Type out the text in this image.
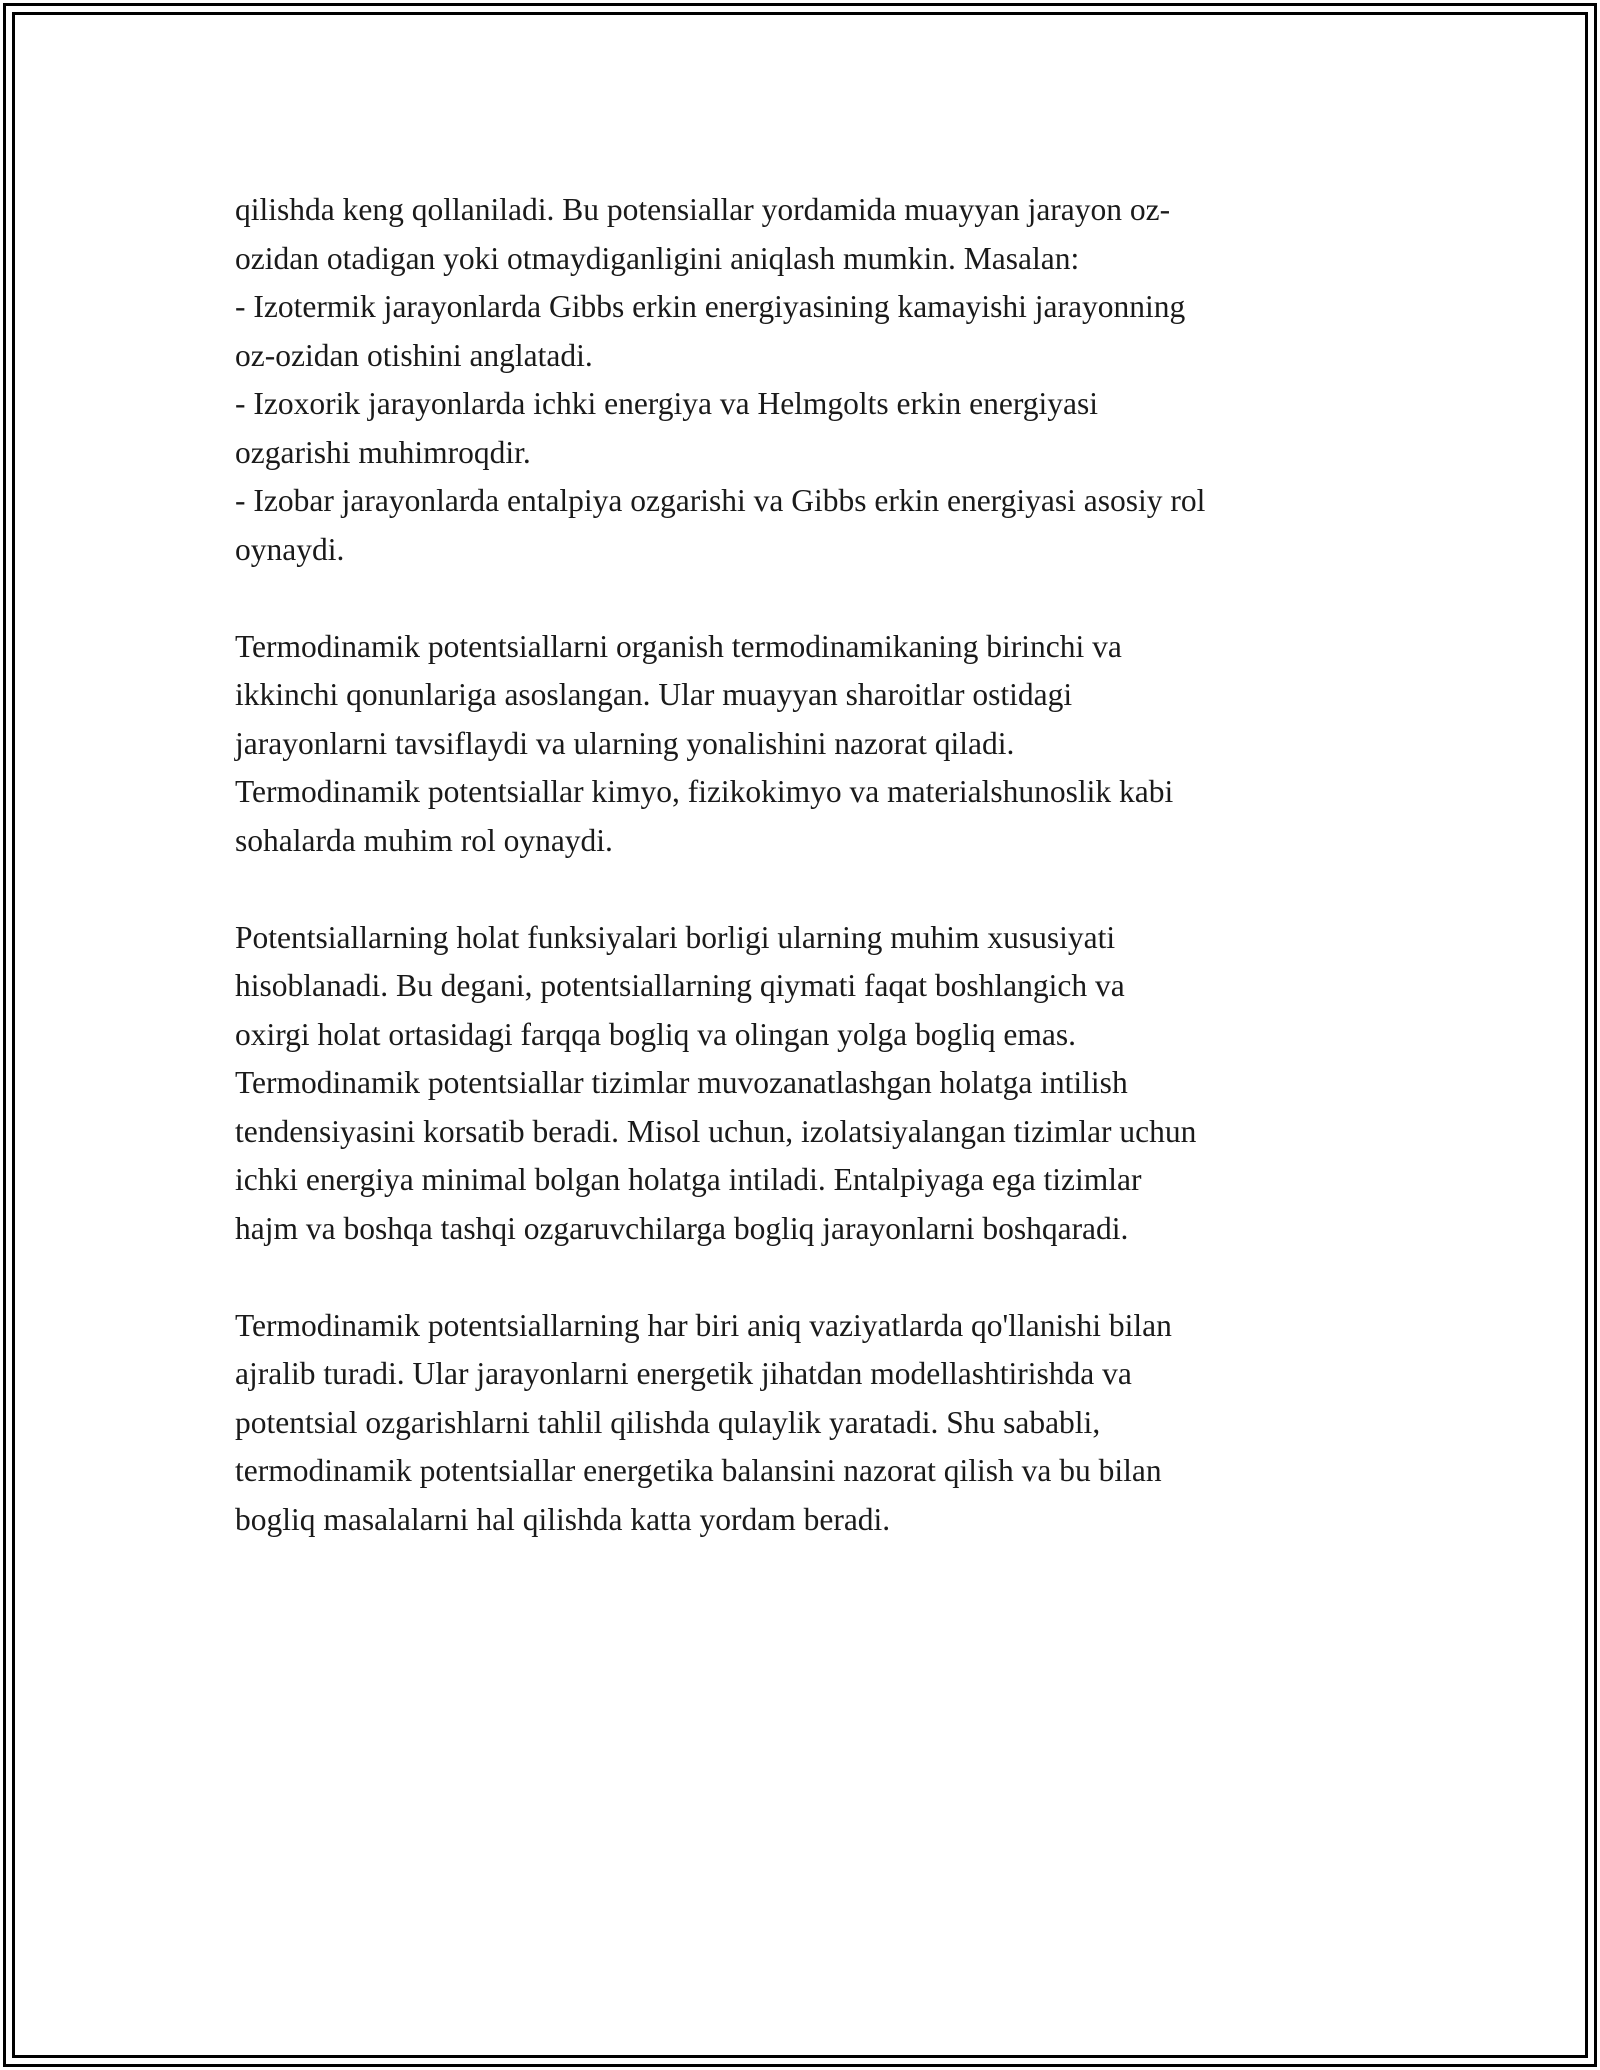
qilishda keng qollaniladi. Bu potensiallar yordamida muayyan jarayon oz-
ozidan otadigan yoki otmaydiganligini aniqlash mumkin. Masalan:
- Izotermik jarayonlarda Gibbs erkin energiyasining kamayishi jarayonning
oz-ozidan otishini anglatadi.
- Izoxorik jarayonlarda ichki energiya va Helmgolts erkin energiyasi
ozgarishi muhimroqdir.
- Izobar jarayonlarda entalpiya ozgarishi va Gibbs erkin energiyasi asosiy rol
oynaydi.

Termodinamik potentsiallarni organish termodinamikaning birinchi va
ikkinchi qonunlariga asoslangan. Ular muayyan sharoitlar ostidagi
jarayonlarni tavsiflaydi va ularning yonalishini nazorat qiladi.
Termodinamik potentsiallar kimyo, fizikokimyo va materialshunoslik kabi
sohalarda muhim rol oynaydi.

Potentsiallarning holat funksiyalari borligi ularning muhim xususiyati
hisoblanadi. Bu degani, potentsiallarning qiymati faqat boshlangich va
oxirgi holat ortasidagi farqqa bogliq va olingan yolga bogliq emas.
Termodinamik potentsiallar tizimlar muvozanatlashgan holatga intilish
tendensiyasini korsatib beradi. Misol uchun, izolatsiyalangan tizimlar uchun
ichki energiya minimal bolgan holatga intiladi. Entalpiyaga ega tizimlar
hajm va boshqa tashqi ozgaruvchilarga bogliq jarayonlarni boshqaradi.

Termodinamik potentsiallarning har biri aniq vaziyatlarda qo'llanishi bilan
ajralib turadi. Ular jarayonlarni energetik jihatdan modellashtirishda va
potentsial ozgarishlarni tahlil qilishda qulaylik yaratadi. Shu sababli,
termodinamik potentsiallar energetika balansini nazorat qilish va bu bilan
bogliq masalalarni hal qilishda katta yordam beradi.
